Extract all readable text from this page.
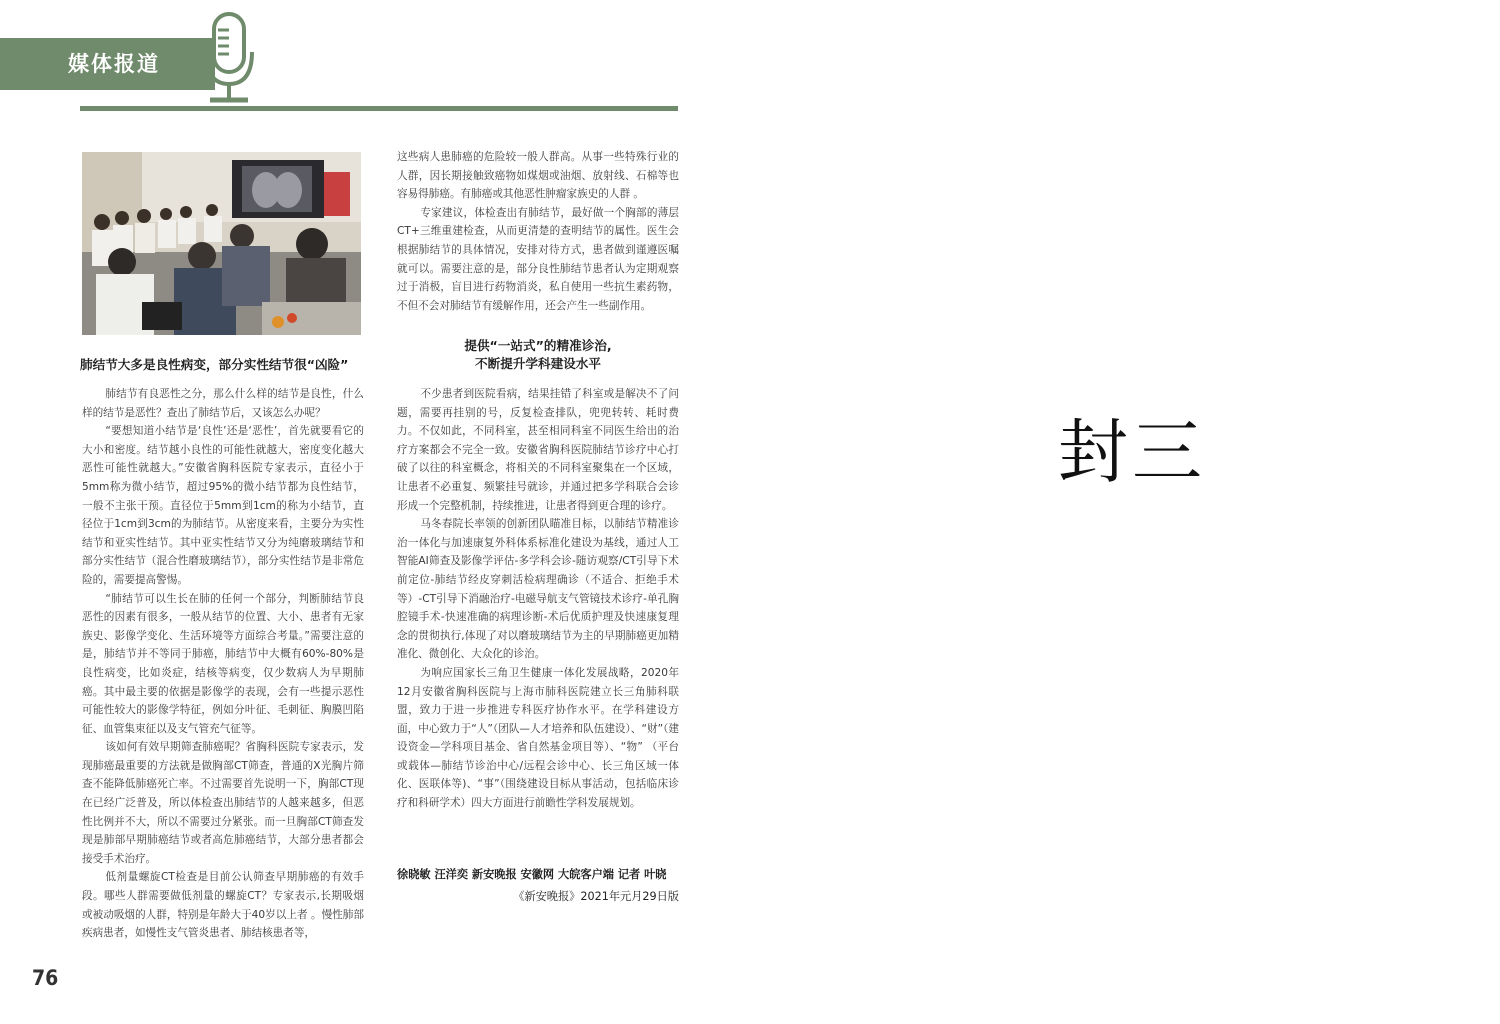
媒体报道
肺结节大多是良性病变，部分实性结节很“凶险”

肺结节有良恶性之分，那么什么样的结节是良性，什么样的结节是恶性？查出了肺结节后，又该怎么办呢？

“要想知道小结节是‘良性’还是‘恶性’，首先就要看它的大小和密度。结节越小良性的可能性就越大，密度变化越大恶性可能性就越大。”安徽省胸科医院专家表示，直径小于5mm称为微小结节，超过95%的微小结节都为良性结节，一般不主张干预。直径位于5mm到1cm的称为小结节，直径位于1cm到3cm的为肺结节。从密度来看，主要分为实性结节和亚实性结节。其中亚实性结节又分为纯磨玻璃结节和部分实性结节（混合性磨玻璃结节），部分实性结节是非常危险的，需要提高警惕。

“肺结节可以生长在肺的任何一个部分，判断肺结节良恶性的因素有很多，一般从结节的位置、大小、患者有无家族史、影像学变化、生活环境等方面综合考量。”需要注意的是，肺结节并不等同于肺癌，肺结节中大概有60%-80%是良性病变，比如炎症，结核等病变，仅少数病人为早期肺癌。其中最主要的依据是影像学的表现，会有一些提示恶性可能性较大的影像学特征，例如分叶征、毛刺征、胸膜凹陷征、血管集束征以及支气管充气征等。

该如何有效早期筛查肺癌呢？省胸科医院专家表示，发现肺癌最重要的方法就是做胸部CT筛查，普通的X光胸片筛查不能降低肺癌死亡率。不过需要首先说明一下，胸部CT现在已经广泛普及，所以体检查出肺结节的人越来越多，但恶性比例并不大，所以不需要过分紧张。而一旦胸部CT筛查发现是肺部早期肺癌结节或者高危肺癌结节，大部分患者都会接受手术治疗。

低剂量螺旋CT检查是目前公认筛查早期肺癌的有效手段。哪些人群需要做低剂量的螺旋CT？专家表示,长期吸烟或被动吸烟的人群，特别是年龄大于40岁以上者 。慢性肺部疾病患者，如慢性支气管炎患者、肺结核患者等，

这些病人患肺癌的危险较一般人群高。从事一些特殊行业的人群，因长期接触致癌物如煤烟或油烟、放射线、石棉等也容易得肺癌。有肺癌或其他恶性肿瘤家族史的人群 。

专家建议，体检查出有肺结节，最好做一个胸部的薄层CT+三维重建检查，从而更清楚的查明结节的属性。医生会根据肺结节的具体情况，安排对待方式，患者做到谨遵医嘱就可以。需要注意的是，部分良性肺结节患者认为定期观察过于消极，盲目进行药物消炎，私自使用一些抗生素药物，不但不会对肺结节有缓解作用，还会产生一些副作用。

提供“一站式”的精准诊治,
不断提升学科建设水平

不少患者到医院看病，结果挂错了科室或是解决不了问题，需要再挂别的号，反复检查排队，兜兜转转、耗时费力。不仅如此，不同科室，甚至相同科室不同医生给出的治疗方案都会不完全一致。安徽省胸科医院肺结节诊疗中心打破了以往的科室概念，将相关的不同科室聚集在一个区域，让患者不必重复、频繁挂号就诊，并通过把多学科联合会诊形成一个完整机制，持续推进，让患者得到更合理的诊疗。

马冬春院长率领的创新团队瞄准目标，以肺结节精准诊治一体化与加速康复外科体系标准化建设为基线，通过人工智能AI筛查及影像学评估-多学科会诊-随访观察/CT引导下术前定位-肺结节经皮穿刺活检病理确诊（不适合、拒绝手术等）-CT引导下消融治疗-电磁导航支气管镜技术诊疗-单孔胸腔镜手术-快速准确的病理诊断-术后优质护理及快速康复理念的贯彻执行,体现了对以磨玻璃结节为主的早期肺癌更加精准化、微创化、大众化的诊治。

为响应国家长三角卫生健康一体化发展战略，2020年12月安徽省胸科医院与上海市肺科医院建立长三角肺科联盟，致力于进一步推进专科医疗协作水平。在学科建设方面，中心致力于“人”（团队—人才培养和队伍建设）、“财”（建设资金—学科项目基金、省自然基金项目等）、“物” （平台或载体—肺结节诊治中心/远程会诊中心、长三角区域一体化、医联体等)、“事”（围绕建设目标从事活动，包括临床诊疗和科研学术）四大方面进行前瞻性学科发展规划。

徐晓敏 汪洋奕 新安晚报 安徽网 大皖客户端 记者 叶晓
《新安晚报》2021年元月29日版
76
封三
